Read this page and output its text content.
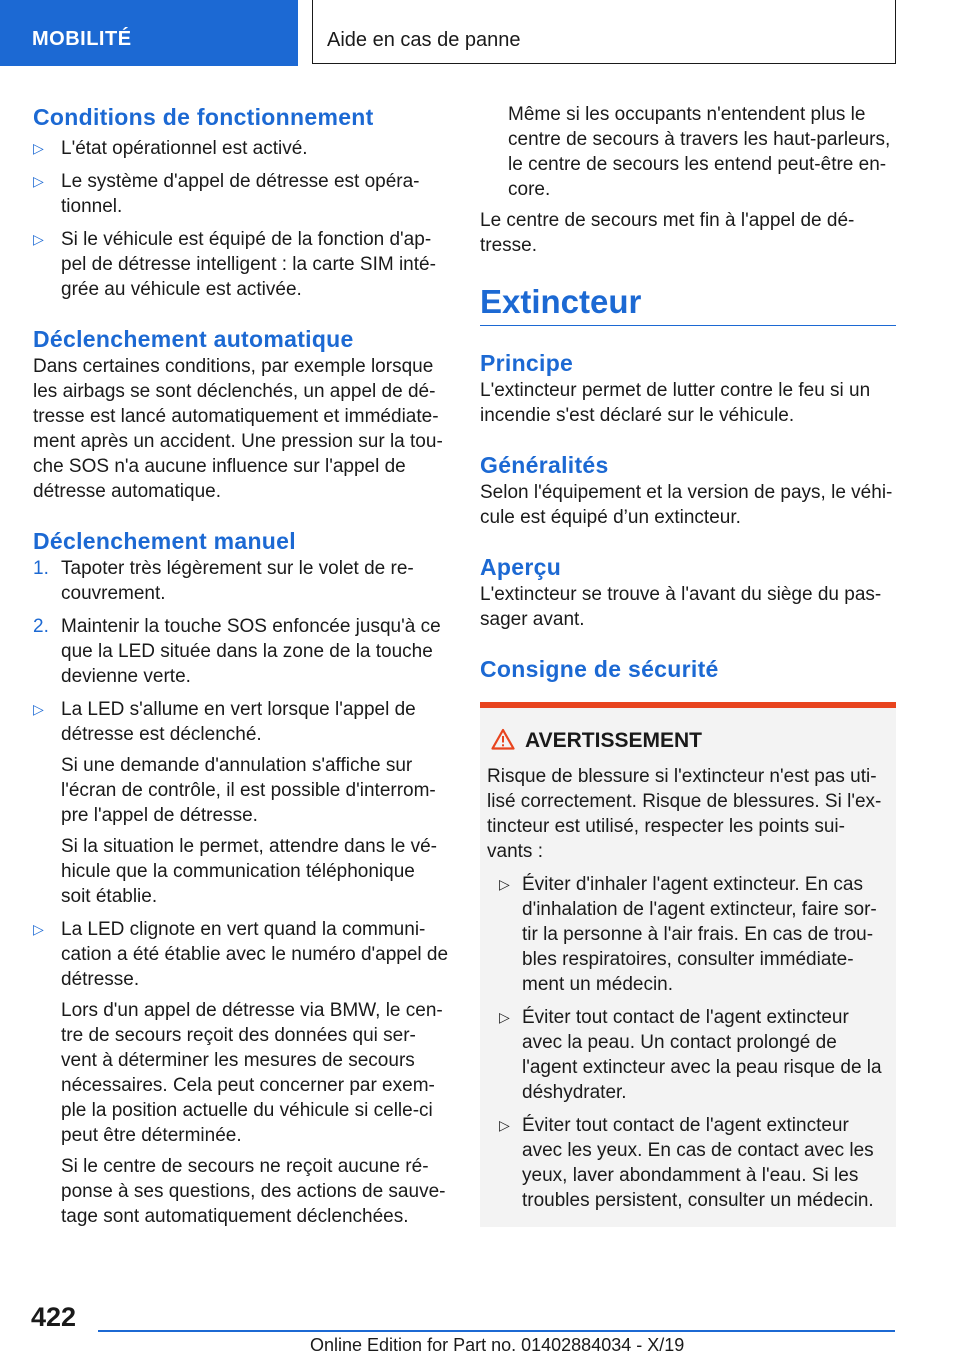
MOBILITÉ	Aide en cas de panne
Conditions de fonctionnement
▷ L'état opérationnel est activé.
▷ Le système d'appel de détresse est opéra-tionnel.
▷ Si le véhicule est équipé de la fonction d'ap-pel de détresse intelligent : la carte SIM inté-grée au véhicule est activée.
Déclenchement automatique

Dans certaines conditions, par exemple lorsque les airbags se sont déclenchés, un appel de dé-tresse est lancé automatiquement et immédiate-ment après un accident. Une pression sur la tou-che SOS n'a aucune influence sur l'appel de détresse automatique.

Déclenchement manuel
1. Tapoter très légèrement sur le volet de re-couvrement.
2. Maintenir la touche SOS enfoncée jusqu'à ce que la LED située dans la zone de la touche devienne verte.
▷ La LED s'allume en vert lorsque l'appel de détresse est déclenché.
Si une demande d'annulation s'affiche sur l'écran de contrôle, il est possible d'interrom-pre l'appel de détresse.
Si la situation le permet, attendre dans le vé-hicule que la communication téléphonique soit établie.
▷ La LED clignote en vert quand la communi-cation a été établie avec le numéro d'appel de détresse.
Lors d'un appel de détresse via BMW, le cen-tre de secours reçoit des données qui ser-vent à déterminer les mesures de secours nécessaires. Cela peut concerner par exem-ple la position actuelle du véhicule si celle-ci peut être déterminée.
Si le centre de secours ne reçoit aucune ré-ponse à ses questions, des actions de sauve-tage sont automatiquement déclenchées.
Même si les occupants n'entendent plus le centre de secours à travers les haut-parleurs, le centre de secours les entend peut-être en-core.

Le centre de secours met fin à l'appel de dé-tresse.

Extincteur
Principe

L'extincteur permet de lutter contre le feu si un incendie s'est déclaré sur le véhicule.

Généralités

Selon l'équipement et la version de pays, le véhi-cule est équipé d’un extincteur.

Aperçu

L'extincteur se trouve à l'avant du siège du pas-sager avant.

Consigne de sécurité
AVERTISSEMENT

Risque de blessure si l'extincteur n'est pas uti-lisé correctement. Risque de blessures. Si l'ex-tincteur est utilisé, respecter les points sui-vants :

▷ Éviter d'inhaler l'agent extincteur. En cas d'inhalation de l'agent extincteur, faire sor-tir la personne à l'air frais. En cas de trou-bles respiratoires, consulter immédiate-ment un médecin.
▷ Éviter tout contact de l'agent extincteur avec la peau. Un contact prolongé de l'agent extincteur avec la peau risque de la déshydrater.
▷ Éviter tout contact de l'agent extincteur avec les yeux. En cas de contact avec les yeux, laver abondamment à l'eau. Si les troubles persistent, consulter un médecin.
422
Online Edition for Part no. 01402884034 - X/19
